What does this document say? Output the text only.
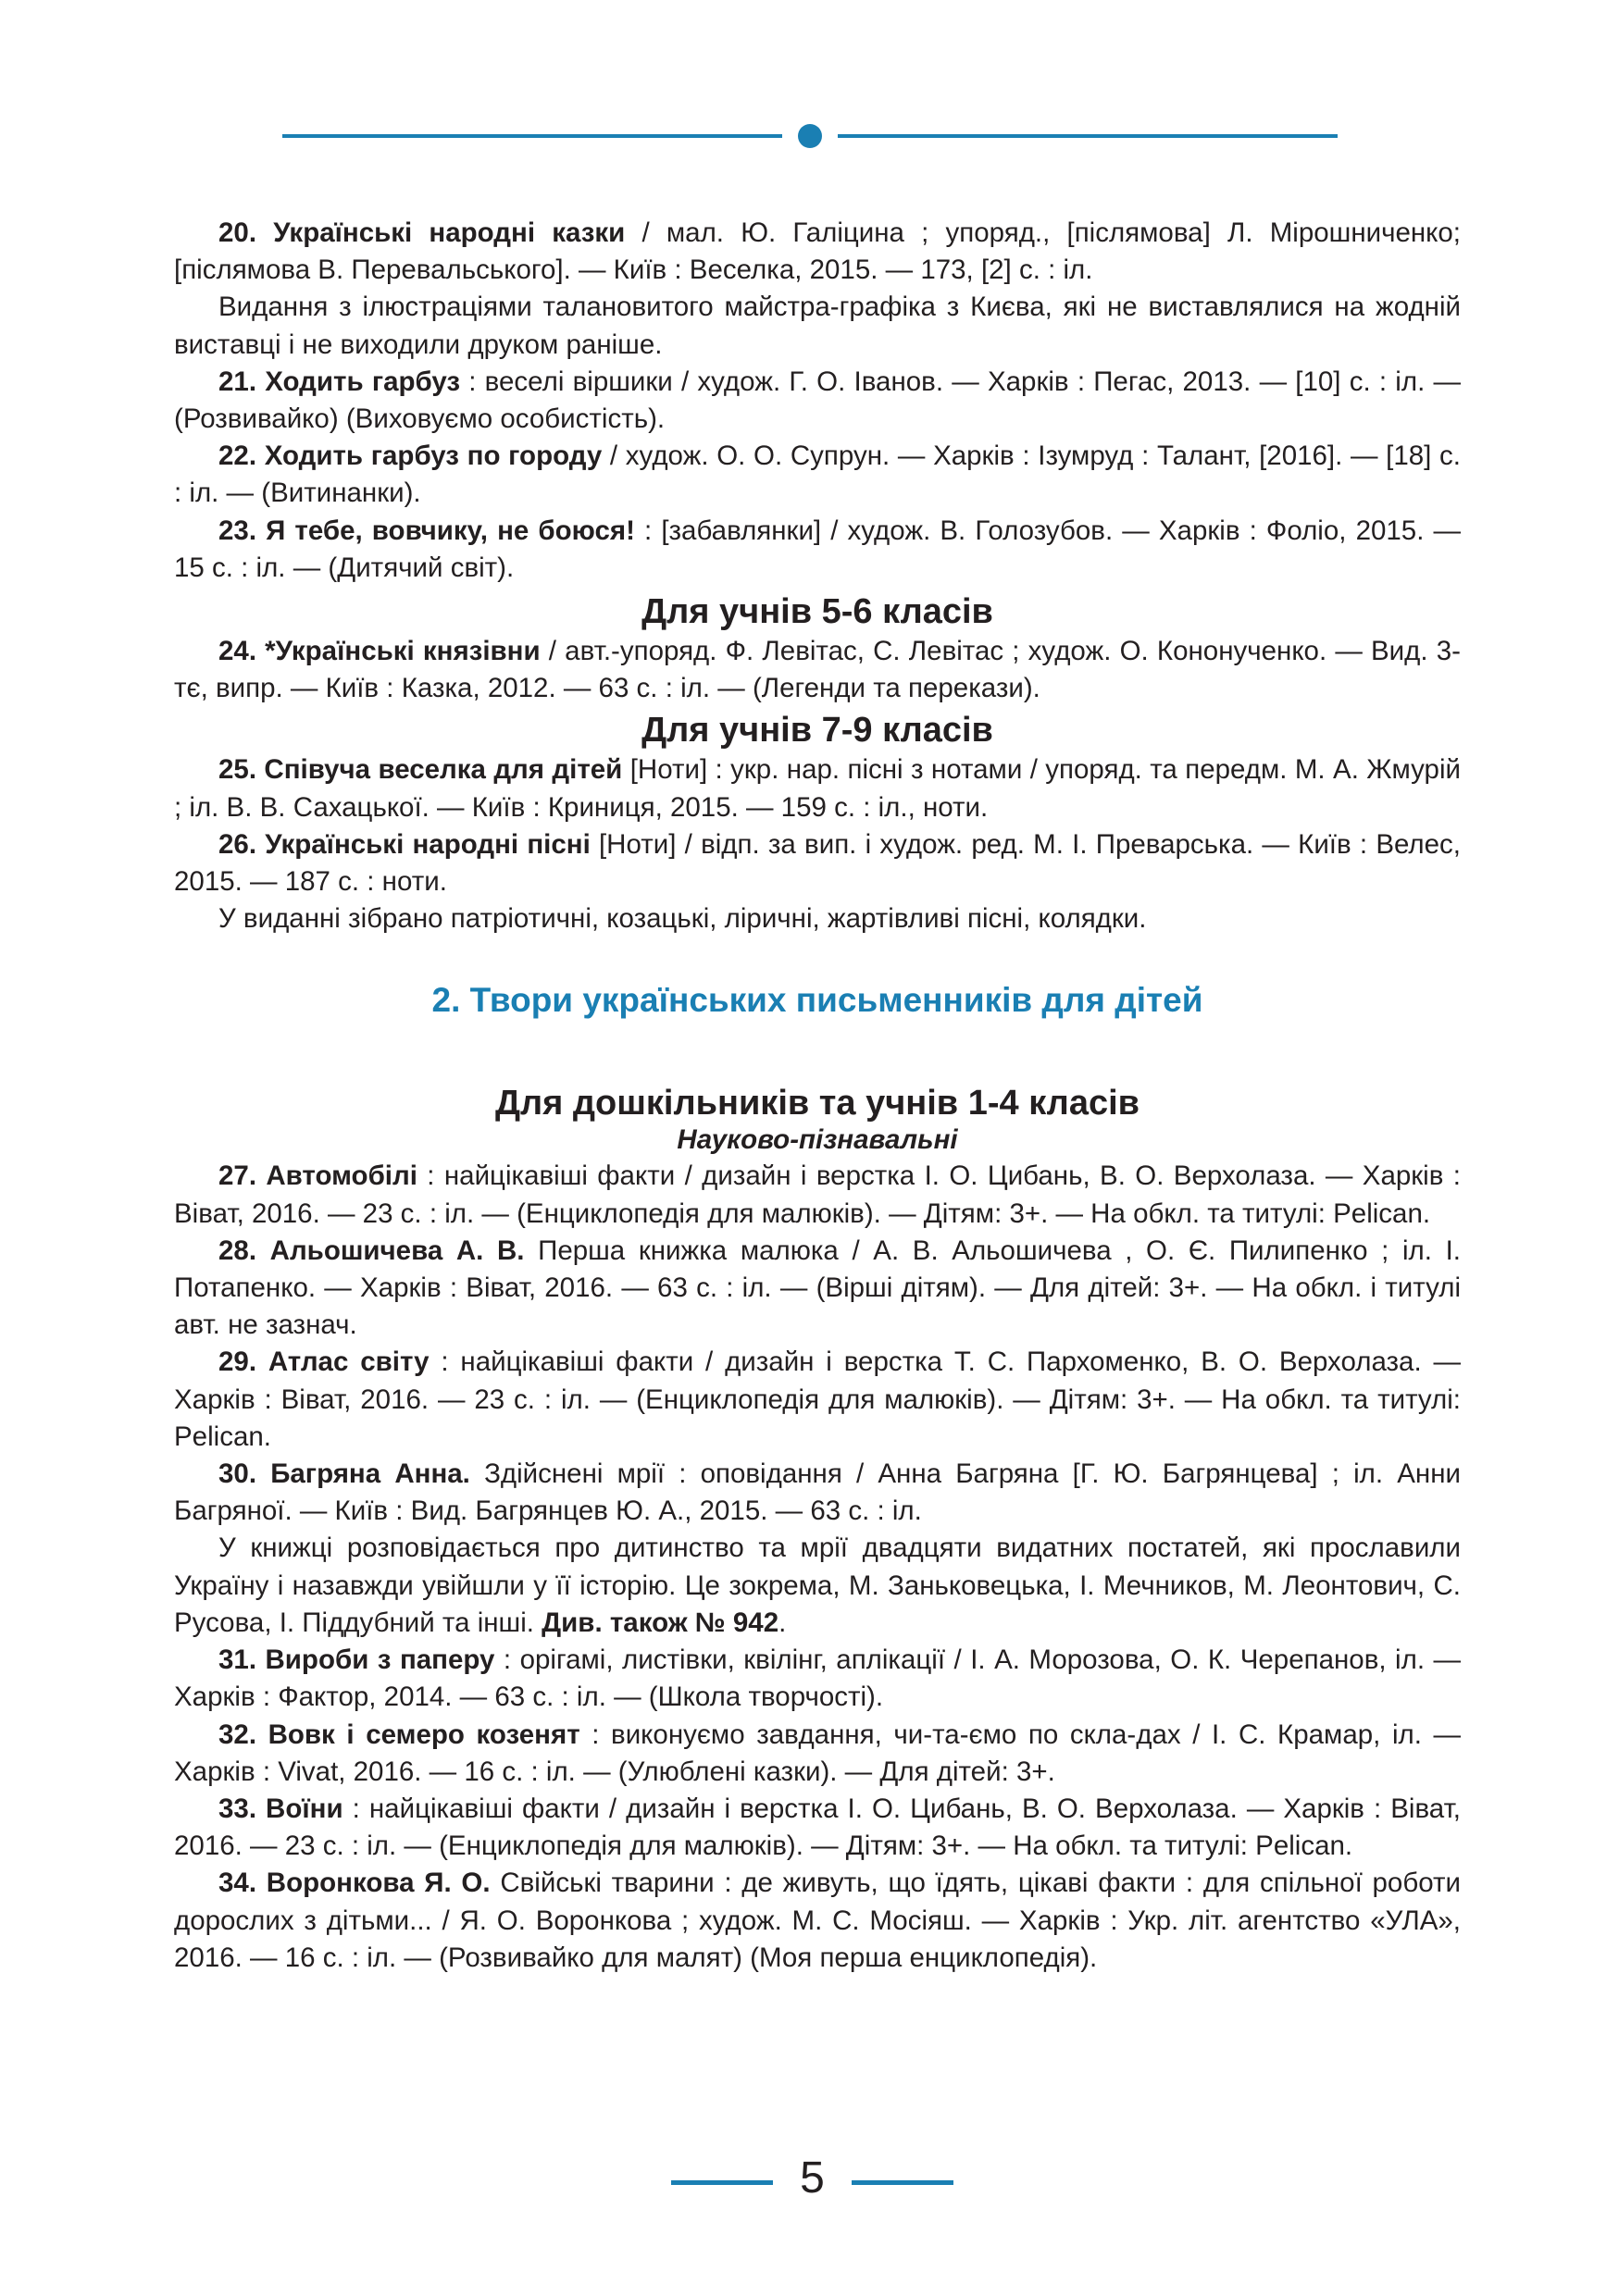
20. Українські народні казки / мал. Ю. Галіцина ; упоряд., [післямова] Л. Мірошниченко; [післямова В. Перевальського]. — Київ : Веселка, 2015. — 173, [2] с. : іл.

Видання з ілюстраціями талановитого майстра-графіка з Києва, які не виставлялися на жодній виставці і не виходили друком раніше.

21. Ходить гарбуз : веселі віршики / худож. Г. О. Іванов. — Харків : Пегас, 2013. — [10] с. : іл. — (Розвивайко) (Виховуємо особистість).

22. Ходить гарбуз по городу / худож. О. О. Супрун. — Харків : Ізумруд : Талант, [2016]. — [18] с. : іл. — (Витинанки).

23. Я тебе, вовчику, не боюся! : [забавлянки] / худож. В. Голозубов. — Харків : Фоліо, 2015. — 15 с. : іл. — (Дитячий світ).

Для учнів 5-6 класів

24. *Українські князівни / авт.-упоряд. Ф. Левітас, С. Левітас ; худож. О. Кононученко. — Вид. 3-тє, випр. — Київ : Казка, 2012. — 63 с. : іл. — (Легенди та перекази).

Для учнів 7-9 класів

25. Співуча веселка для дітей [Ноти] : укр. нар. пісні з нотами / упоряд. та передм. М. А. Жмурій ; іл. В. В. Сахацької. — Київ : Криниця, 2015. — 159 с. : іл., ноти.

26. Українські народні пісні [Ноти] / відп. за вип. і худож. ред. М. І. Преварська. — Київ : Велес, 2015. — 187 с. : ноти.

У виданні зібрано патріотичні, козацькі, ліричні, жартівливі пісні, колядки.

2. Твори українських письменників для дітей
Для дошкільників та учнів 1-4 класів
Науково-пізнавальні

27. Автомобілі : найцікавіші факти / дизайн і верстка І. О. Цибань, В. О. Верхолаза. — Харків : Віват, 2016. — 23 с. : іл. — (Енциклопедія для малюків). — Дітям: 3+. — На обкл. та титулі: Pelican.

28. Альошичева А. В. Перша книжка малюка / А. В. Альошичева , О. Є. Пилипенко ; іл. І. Потапенко. — Харків : Віват, 2016. — 63 с. : іл. — (Вірші дітям). — Для дітей: 3+. — На обкл. і титулі авт. не зазнач.

29. Атлас світу : найцікавіші факти / дизайн і верстка Т. С. Пархоменко, В. О. Верхолаза. — Харків : Віват, 2016. — 23 с. : іл. — (Енциклопедія для малюків). — Дітям: 3+. — На обкл. та титулі: Pelican.

30. Багряна Анна. Здійснені мрії : оповідання / Анна Багряна [Г. Ю. Багрянцева] ; іл. Анни Багряної. — Київ : Вид. Багрянцев Ю. А., 2015. — 63 с. : іл.

У книжці розповідається про дитинство та мрії двадцяти видатних постатей, які прославили Україну і назавжди увійшли у її історію. Це зокрема, М. Заньковецька, І. Мечников, М. Леонтович, С. Русова, І. Піддубний та інші. Див. також № 942.

31. Вироби з паперу : орігамі, листівки, квілінг, аплікації / І. А. Морозова, О. К. Черепанов, іл. — Харків : Фактор, 2014. — 63 с. : іл. — (Школа творчості).

32. Вовк і семеро козенят : виконуємо завдання, чи-та-ємо по скла-дах / І. С. Крамар, іл. — Харків : Vivat, 2016. — 16 с. : іл. — (Улюблені казки). — Для дітей: 3+.

33. Воїни : найцікавіші факти / дизайн і верстка І. О. Цибань, В. О. Верхолаза. — Харків : Віват, 2016. — 23 с. : іл. — (Енциклопедія для малюків). — Дітям: 3+. — На обкл. та титулі: Pelican.

34. Воронкова Я. О. Свійські тварини : де живуть, що їдять, цікаві факти : для спільної роботи дорослих з дітьми... / Я. О. Воронкова ; худож. М. С. Мосіяш. — Харків : Укр. літ. агентство «УЛА», 2016. — 16 с. : іл. — (Розвивайко для малят) (Моя перша енциклопедія).

5
